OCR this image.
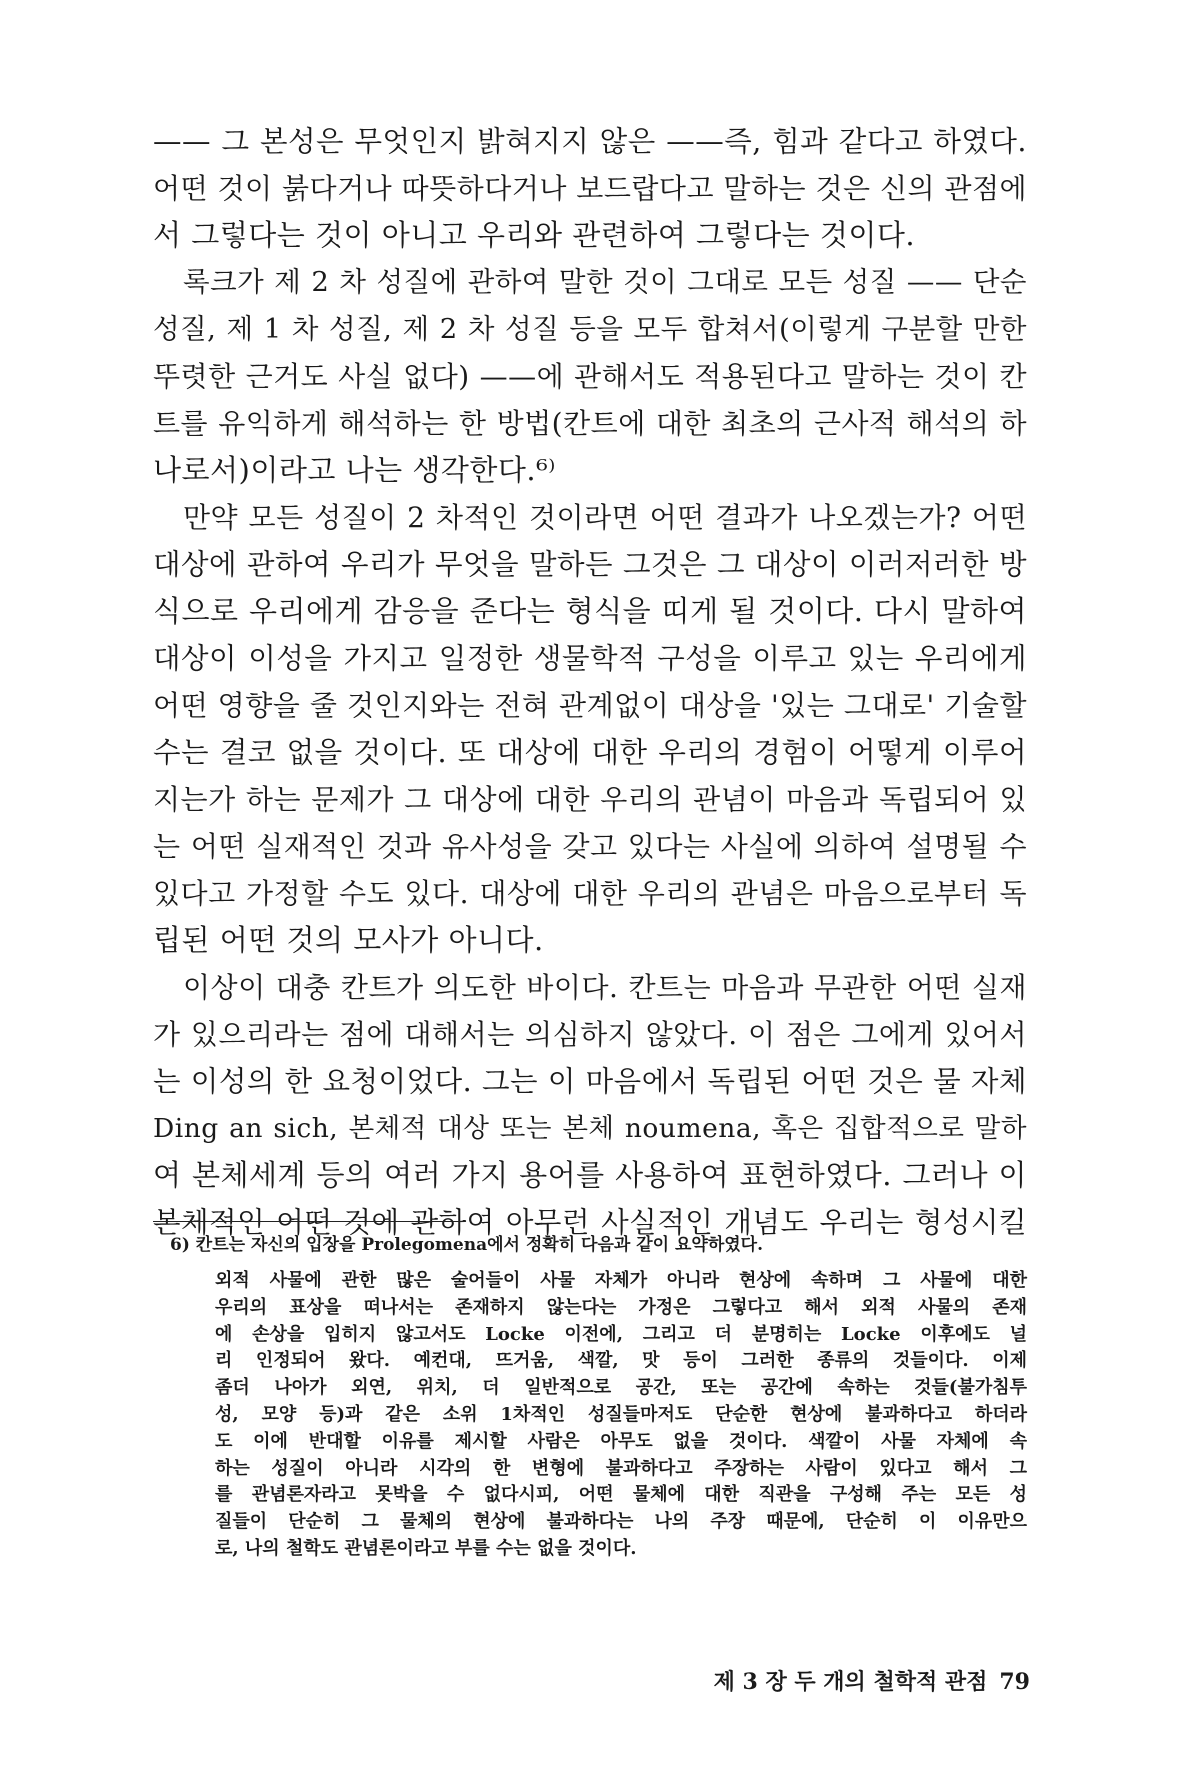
—— 그 본성은 무엇인지 밝혀지지 않은 ——즉, 힘과 같다고 하였다.
어떤 것이 붉다거나 따뜻하다거나 보드랍다고 말하는 것은 신의 관점에
서 그렇다는 것이 아니고 우리와 관련하여 그렇다는 것이다.
록크가 제 2 차 성질에 관하여 말한 것이 그대로 모든 성질 —— 단순
성질, 제 1 차 성질, 제 2 차 성질 등을 모두 합쳐서(이렇게 구분할 만한
뚜렷한 근거도 사실 없다) ——에 관해서도 적용된다고 말하는 것이 칸
트를 유익하게 해석하는 한 방법(칸트에 대한 최초의 근사적 해석의 하
나로서)이라고 나는 생각한다.⁶⁾
만약 모든 성질이 2 차적인 것이라면 어떤 결과가 나오겠는가? 어떤
대상에 관하여 우리가 무엇을 말하든 그것은 그 대상이 이러저러한 방
식으로 우리에게 감응을 준다는 형식을 띠게 될 것이다. 다시 말하여
대상이 이성을 가지고 일정한 생물학적 구성을 이루고 있는 우리에게
어떤 영향을 줄 것인지와는 전혀 관계없이 대상을 '있는 그대로' 기술할
수는 결코 없을 것이다. 또 대상에 대한 우리의 경험이 어떻게 이루어
지는가 하는 문제가 그 대상에 대한 우리의 관념이 마음과 독립되어 있
는 어떤 실재적인 것과 유사성을 갖고 있다는 사실에 의하여 설명될 수
있다고 가정할 수도 있다. 대상에 대한 우리의 관념은 마음으로부터 독
립된 어떤 것의 모사가 아니다.
이상이 대충 칸트가 의도한 바이다. 칸트는 마음과 무관한 어떤 실재
가 있으리라는 점에 대해서는 의심하지 않았다. 이 점은 그에게 있어서
는 이성의 한 요청이었다. 그는 이 마음에서 독립된 어떤 것은 물 자체
Ding an sich, 본체적 대상 또는 본체 noumena, 혹은 집합적으로 말하
여 본체세계 등의 여러 가지 용어를 사용하여 표현하였다. 그러나 이
본체적인 어떤 것에 관하여 아무런 사실적인 개념도 우리는 형성시킬
6) 칸트는 자신의 입장을 Prolegomena에서 정확히 다음과 같이 요약하였다.
외적 사물에 관한 많은 술어들이 사물 자체가 아니라 현상에 속하며 그 사물에 대한
우리의 표상을 떠나서는 존재하지 않는다는 가정은 그렇다고 해서 외적 사물의 존재
에 손상을 입히지 않고서도 Locke 이전에, 그리고 더 분명히는 Locke 이후에도 널
리 인정되어 왔다. 예컨대, 뜨거움, 색깔, 맛 등이 그러한 종류의 것들이다. 이제
좀더 나아가 외연, 위치, 더 일반적으로 공간, 또는 공간에 속하는 것들(불가침투
성, 모양 등)과 같은 소위 1차적인 성질들마저도 단순한 현상에 불과하다고 하더라
도 이에 반대할 이유를 제시할 사람은 아무도 없을 것이다. 색깔이 사물 자체에 속
하는 성질이 아니라 시각의 한 변형에 불과하다고 주장하는 사람이 있다고 해서 그
를 관념론자라고 못박을 수 없다시피, 어떤 물체에 대한 직관을 구성해 주는 모든 성
질들이 단순히 그 물체의 현상에 불과하다는 나의 주장 때문에, 단순히 이 이유만으
로, 나의 철학도 관념론이라고 부를 수는 없을 것이다.
제 3 장 두 개의 철학적 관점 79
